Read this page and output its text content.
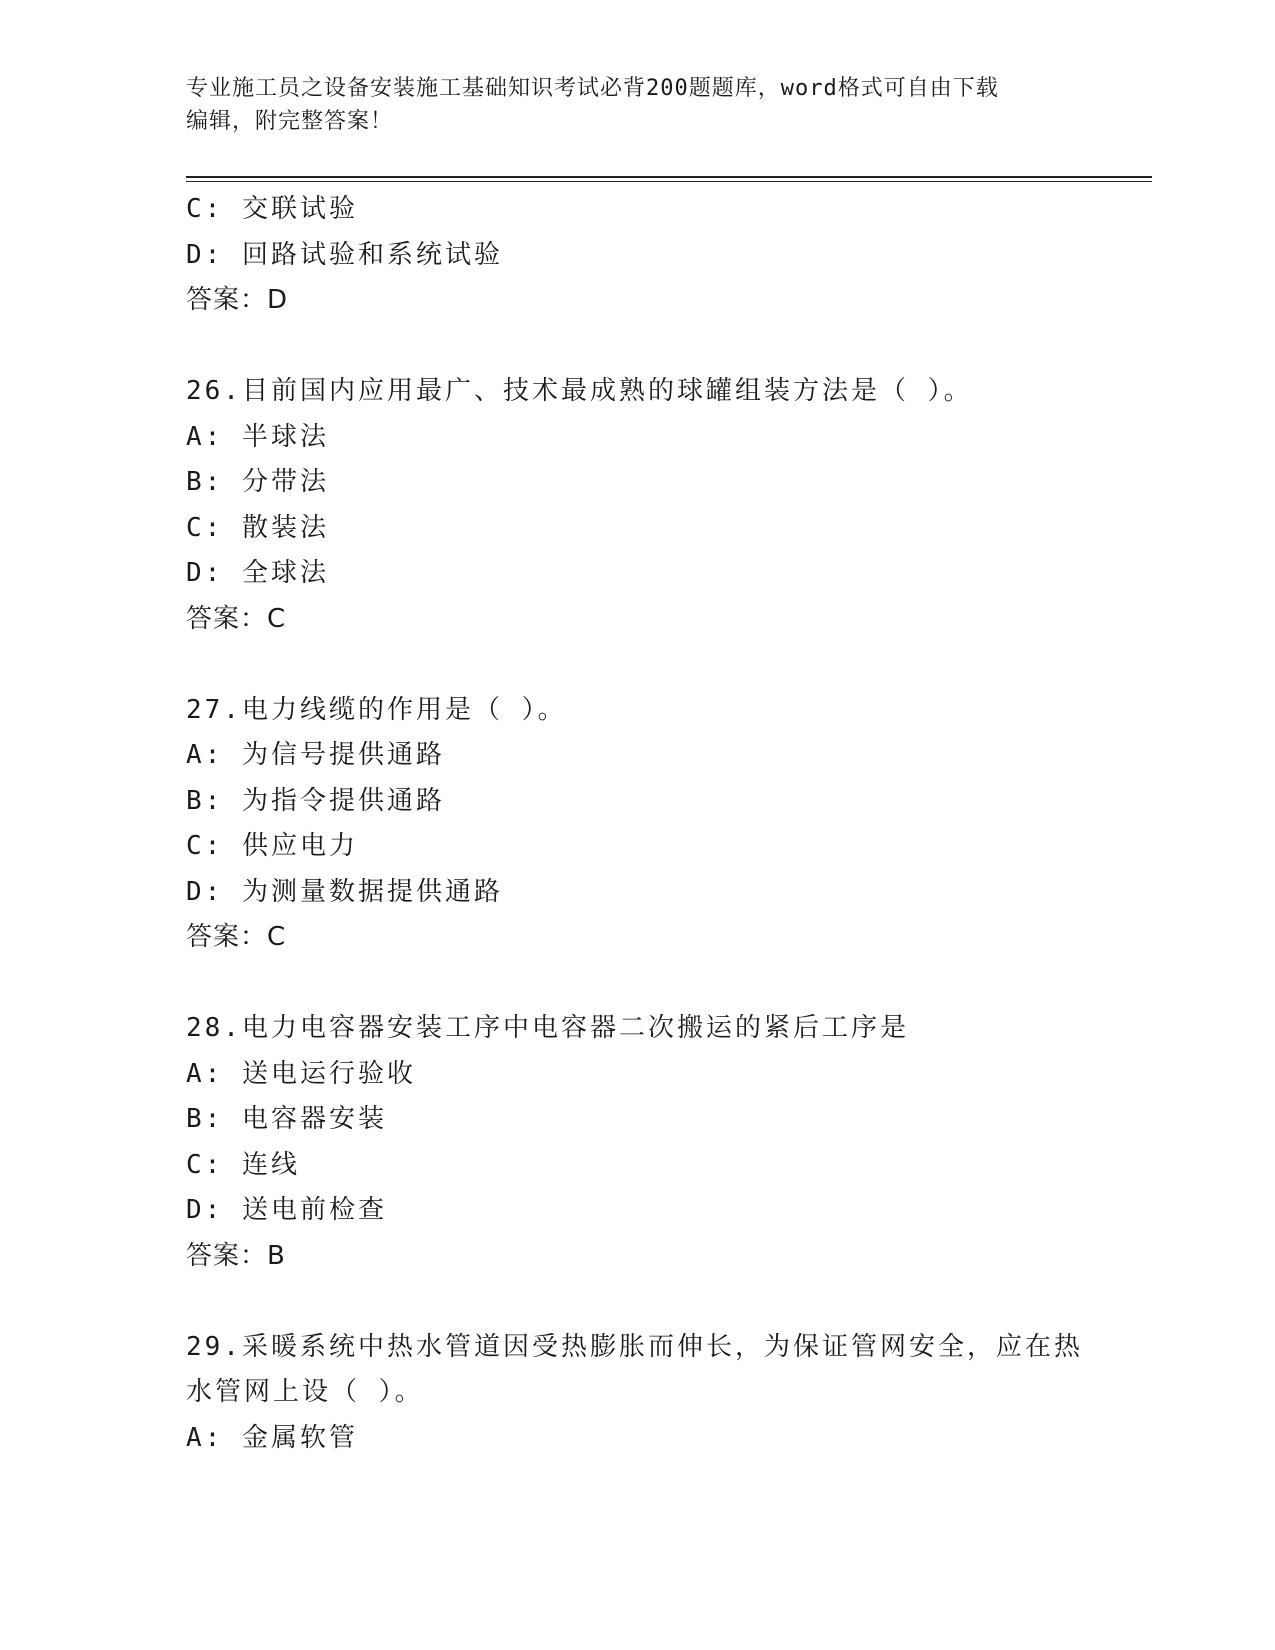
专业施工员之设备安装施工基础知识考试必背200题题库，word格式可自由下载
编辑，附完整答案！
C: 交联试验
D: 回路试验和系统试验
答案：D
26.目前国内应用最广、技术最成熟的球罐组装方法是（ ）。
A: 半球法
B: 分带法
C: 散装法
D: 全球法
答案：C
27.电力线缆的作用是（ ）。
A: 为信号提供通路
B: 为指令提供通路
C: 供应电力
D: 为测量数据提供通路
答案：C
28.电力电容器安装工序中电容器二次搬运的紧后工序是
A: 送电运行验收
B: 电容器安装
C: 连线
D: 送电前检查
答案：B
29.采暖系统中热水管道因受热膨胀而伸长，为保证管网安全，应在热
水管网上设（ ）。
A: 金属软管
